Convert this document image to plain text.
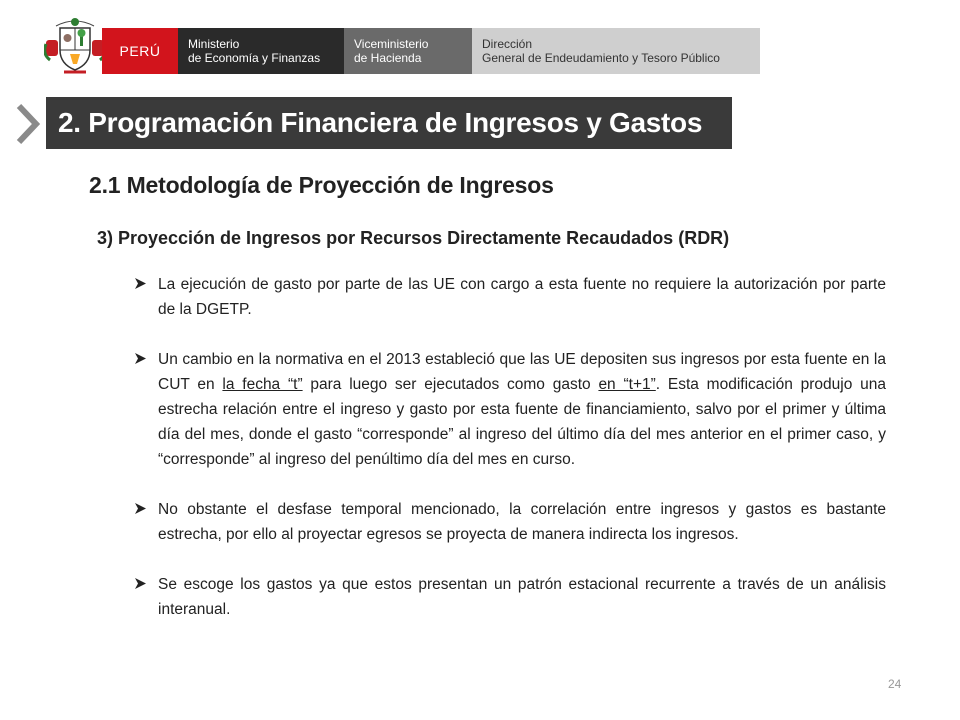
PERÚ Ministerio
de Economía y Finanzas
Viceministerio
de Hacienda
Dirección
General de Endeudamiento y Tesoro Público
2. Programación Financiera de Ingresos y Gastos
2.1 Metodología de Proyección de Ingresos
3) Proyección de Ingresos por Recursos Directamente Recaudados (RDR)

La ejecución de gasto por parte de las UE con cargo a esta fuente no requiere la autorización por parte de la DGETP.

Un cambio en la normativa en el 2013 estableció que las UE depositen sus ingresos por esta fuente en la CUT en la fecha “t” para luego ser ejecutados como gasto en “t+1”. Esta modificación produjo una estrecha relación entre el ingreso y gasto por esta fuente de financiamiento, salvo por el primer y última día del mes, donde el gasto “corresponde” al ingreso del último día del mes anterior en el primer caso, y “corresponde” al ingreso del penúltimo día del mes en curso.

No obstante el desfase temporal mencionado, la correlación entre ingresos y gastos es bastante estrecha, por ello al proyectar egresos se proyecta de manera indirecta los ingresos.

Se escoge los gastos ya que estos presentan un patrón estacional recurrente a través de un análisis interanual.

24
